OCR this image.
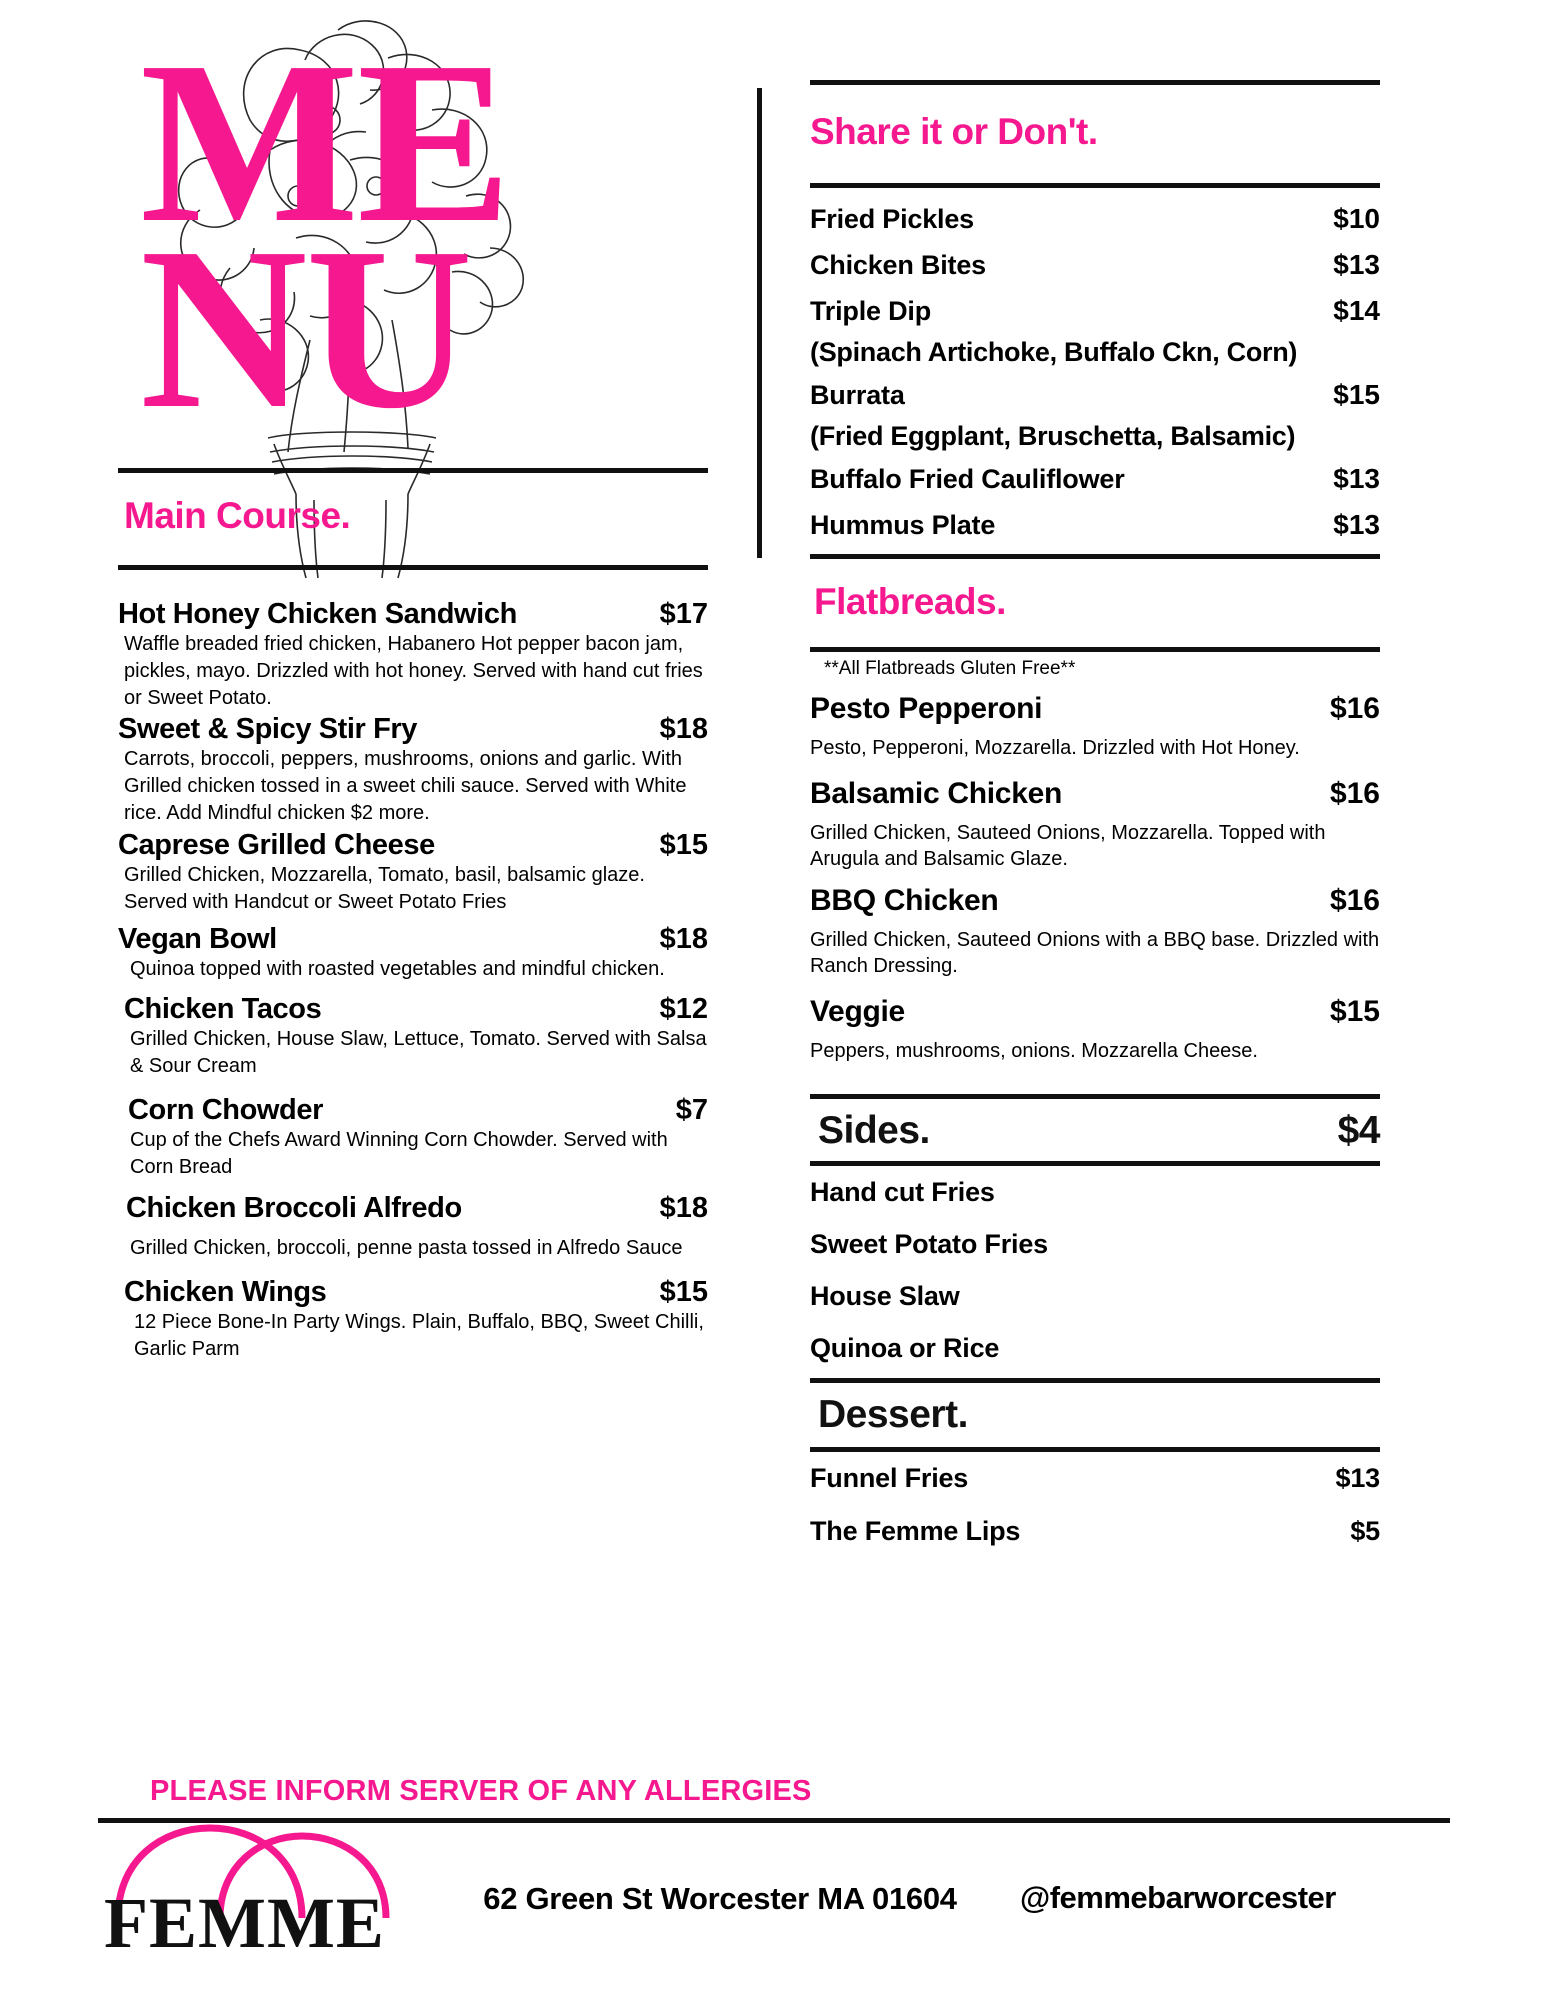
ME
NU
Share it or Don't.
Fried Pickles	$10
Chicken Bites	$13
Triple Dip	$14
(Spinach Artichoke, Buffalo Ckn, Corn)
Burrata	$15
(Fried Eggplant, Bruschetta, Balsamic)
Buffalo Fried Cauliflower	$13
Hummus Plate	$13
Flatbreads.
**All Flatbreads Gluten Free**
Pesto Pepperoni	$16
Pesto, Pepperoni, Mozzarella. Drizzled with Hot Honey.
Balsamic Chicken	$16
Grilled Chicken, Sauteed Onions, Mozzarella. Topped with Arugula and Balsamic Glaze.
BBQ Chicken	$16
Grilled Chicken, Sauteed Onions with a BBQ base. Drizzled with Ranch Dressing.
Veggie	$15
Peppers, mushrooms, onions. Mozzarella Cheese.
Sides.	$4
Hand cut Fries
Sweet Potato Fries
House Slaw
Quinoa or Rice
Dessert.
Funnel Fries	$13
The Femme Lips	$5
Main Course.
Hot Honey Chicken Sandwich	$17
Waffle breaded fried chicken, Habanero Hot pepper bacon jam, pickles, mayo. Drizzled with hot honey. Served with hand cut fries or Sweet Potato.
Sweet & Spicy Stir Fry	$18
Carrots, broccoli, peppers, mushrooms, onions and garlic. With Grilled chicken tossed in a sweet chili sauce. Served with White rice. Add Mindful chicken $2 more.
Caprese Grilled Cheese	$15
Grilled Chicken, Mozzarella, Tomato, basil, balsamic glaze. Served with Handcut or Sweet Potato Fries
Vegan Bowl	$18
Quinoa topped with roasted vegetables and mindful chicken.
Chicken Tacos	$12
Grilled Chicken, House Slaw, Lettuce, Tomato. Served with Salsa & Sour Cream
Corn Chowder	$7
Cup of the Chefs Award Winning Corn Chowder. Served with Corn Bread
Chicken Broccoli Alfredo	$18
Grilled Chicken, broccoli, penne pasta tossed in Alfredo Sauce
Chicken Wings	$15
12 Piece Bone-In Party Wings. Plain, Buffalo, BBQ, Sweet Chilli, Garlic Parm
PLEASE INFORM SERVER OF ANY ALLERGIES
FEMME	62 Green St Worcester MA 01604	@femmebarworcester
